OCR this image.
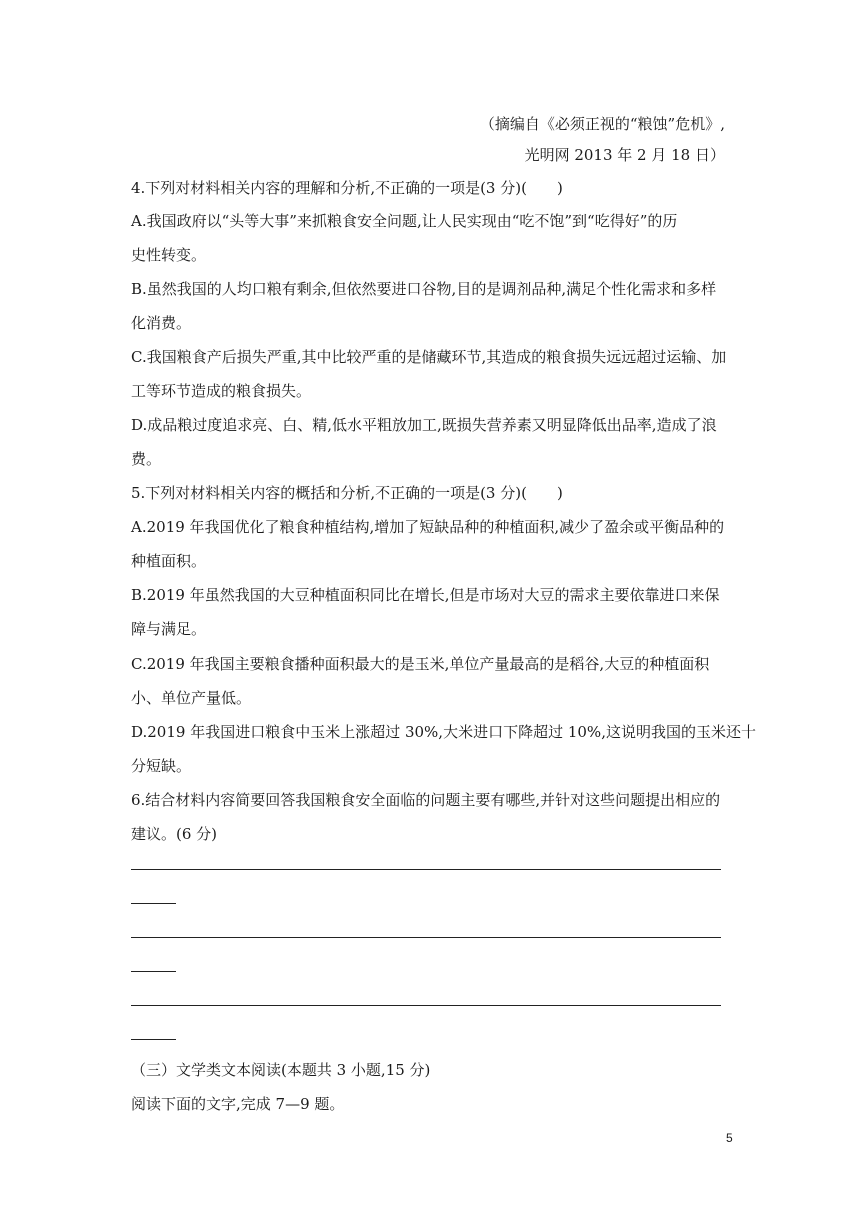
（摘编自《必须正视的“粮蚀”危机》,
光明网 2013 年 2 月 18 日）
4.下列对材料相关内容的理解和分析,不正确的一项是(3 分)(　　)
A.我国政府以“头等大事”来抓粮食安全问题,让人民实现由“吃不饱”到“吃得好”的历
史性转变。
B.虽然我国的人均口粮有剩余,但依然要进口谷物,目的是调剂品种,满足个性化需求和多样
化消费。
C.我国粮食产后损失严重,其中比较严重的是储藏环节,其造成的粮食损失远远超过运输、加
工等环节造成的粮食损失。
D.成品粮过度追求亮、白、精,低水平粗放加工,既损失营养素又明显降低出品率,造成了浪
费。
5.下列对材料相关内容的概括和分析,不正确的一项是(3 分)(　　)
A.2019 年我国优化了粮食种植结构,增加了短缺品种的种植面积,减少了盈余或平衡品种的
种植面积。
B.2019 年虽然我国的大豆种植面积同比在增长,但是市场对大豆的需求主要依靠进口来保
障与满足。
C.2019 年我国主要粮食播种面积最大的是玉米,单位产量最高的是稻谷,大豆的种植面积
小、单位产量低。
D.2019 年我国进口粮食中玉米上涨超过 30%,大米进口下降超过 10%,这说明我国的玉米还十
分短缺。
6.结合材料内容简要回答我国粮食安全面临的问题主要有哪些,并针对这些问题提出相应的
建议。(6 分)
（三）文学类文本阅读(本题共 3 小题,15 分)
阅读下面的文字,完成 7—9 题。
5
